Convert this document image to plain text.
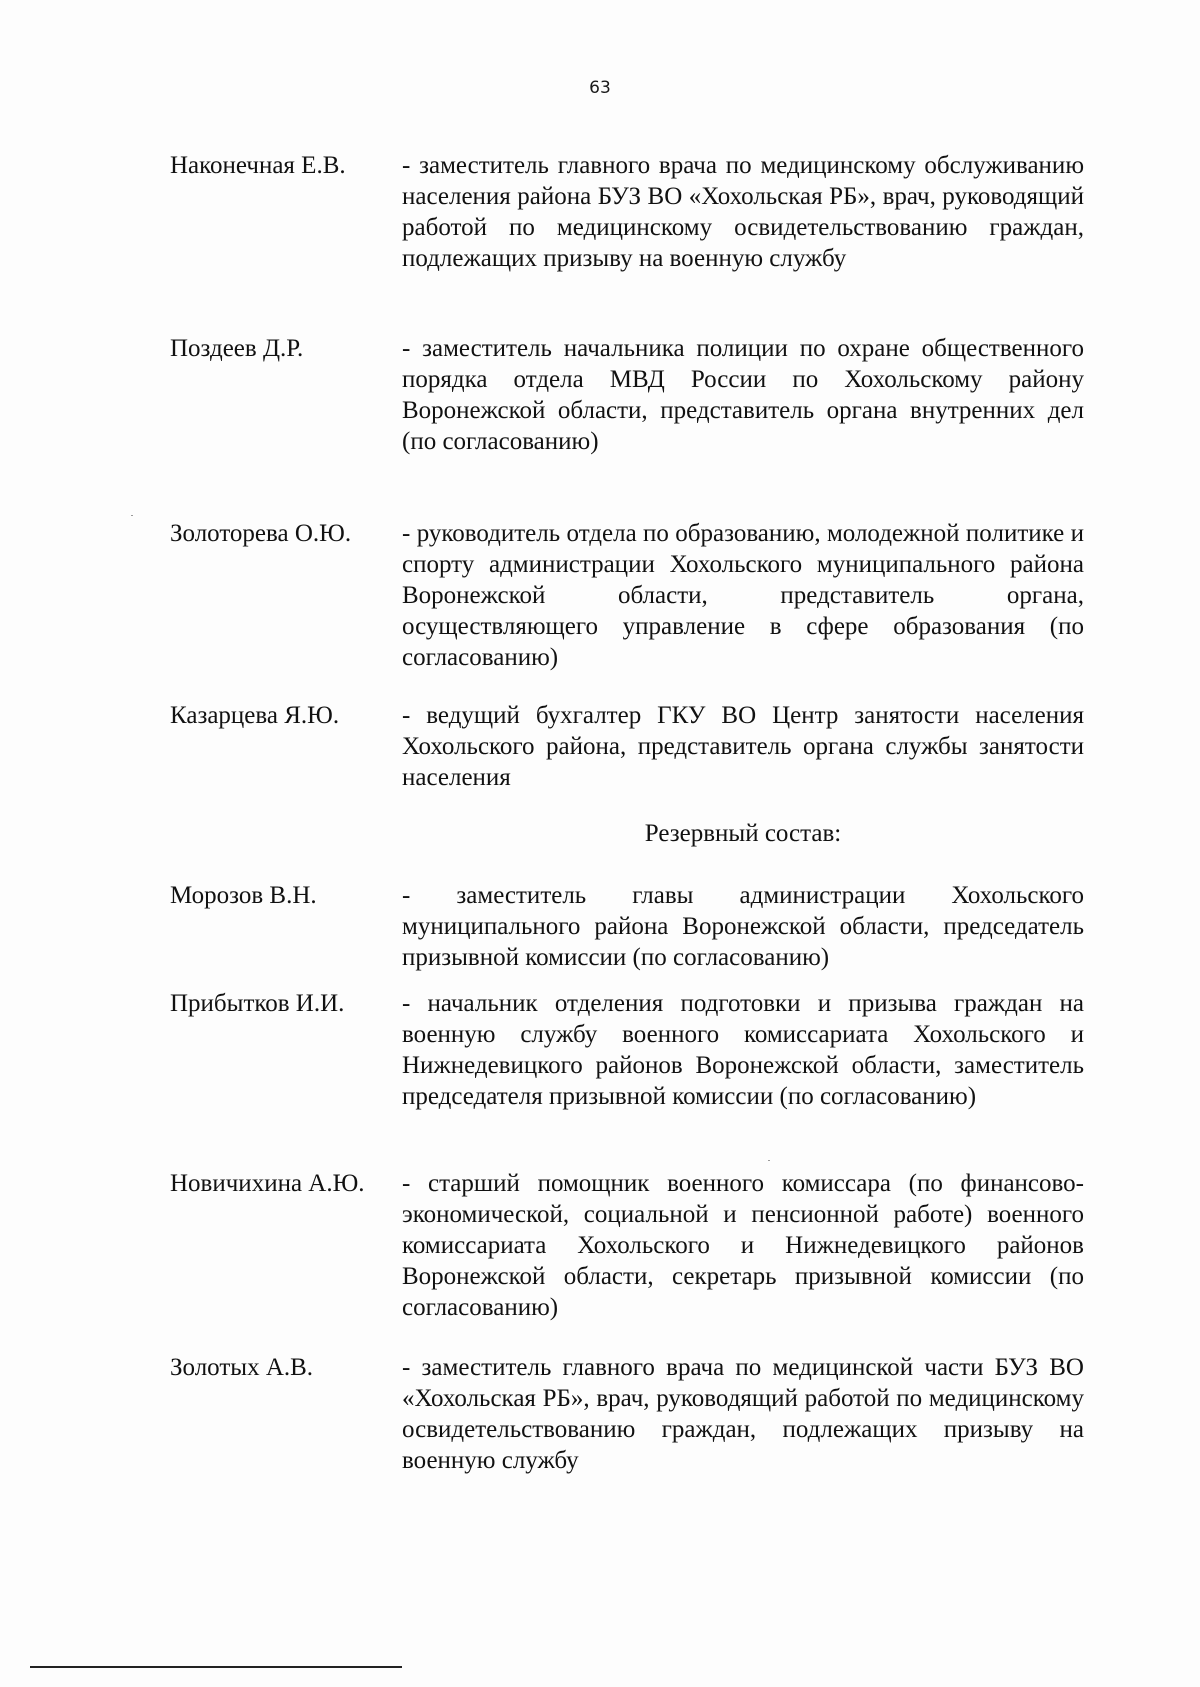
63
Наконечная Е.В.	- заместитель главного врача по медицинскому обслуживанию населения района БУЗ ВО «Хохольская РБ», врач, руководящий работой по медицинскому освидетельствованию граждан, подлежащих призыву на военную службу
Поздеев Д.Р.	- заместитель начальника полиции по охране общественного порядка отдела МВД России по Хохольскому району Воронежской области, представитель органа внутренних дел (по согласованию)
Золоторева О.Ю.	- руководитель отдела по образованию, молодежной политике и спорту администрации Хохольского муниципального района Воронежской области, представитель органа, осуществляющего управление в сфере образования (по согласованию)
Казарцева Я.Ю.	- ведущий бухгалтер ГКУ ВО Центр занятости населения Хохольского района, представитель органа службы занятости населения
Резервный состав:
Морозов В.Н.	- заместитель главы администрации Хохольского муниципального района Воронежской области, председатель призывной комиссии (по согласованию)
Прибытков И.И.	- начальник отделения подготовки и призыва граждан на военную службу военного комиссариата Хохольского и Нижнедевицкого районов Воронежской области, заместитель председателя призывной комиссии (по согласованию)
Новичихина А.Ю.	- старший помощник военного комиссара (по финансово-экономической, социальной и пенсионной работе) военного комиссариата Хохольского и Нижнедевицкого районов Воронежской области, секретарь призывной комиссии (по согласованию)
Золотых А.В.	- заместитель главного врача по медицинской части БУЗ ВО «Хохольская РБ», врач, руководящий работой по медицинскому освидетельствованию граждан, подлежащих призыву на военную службу
